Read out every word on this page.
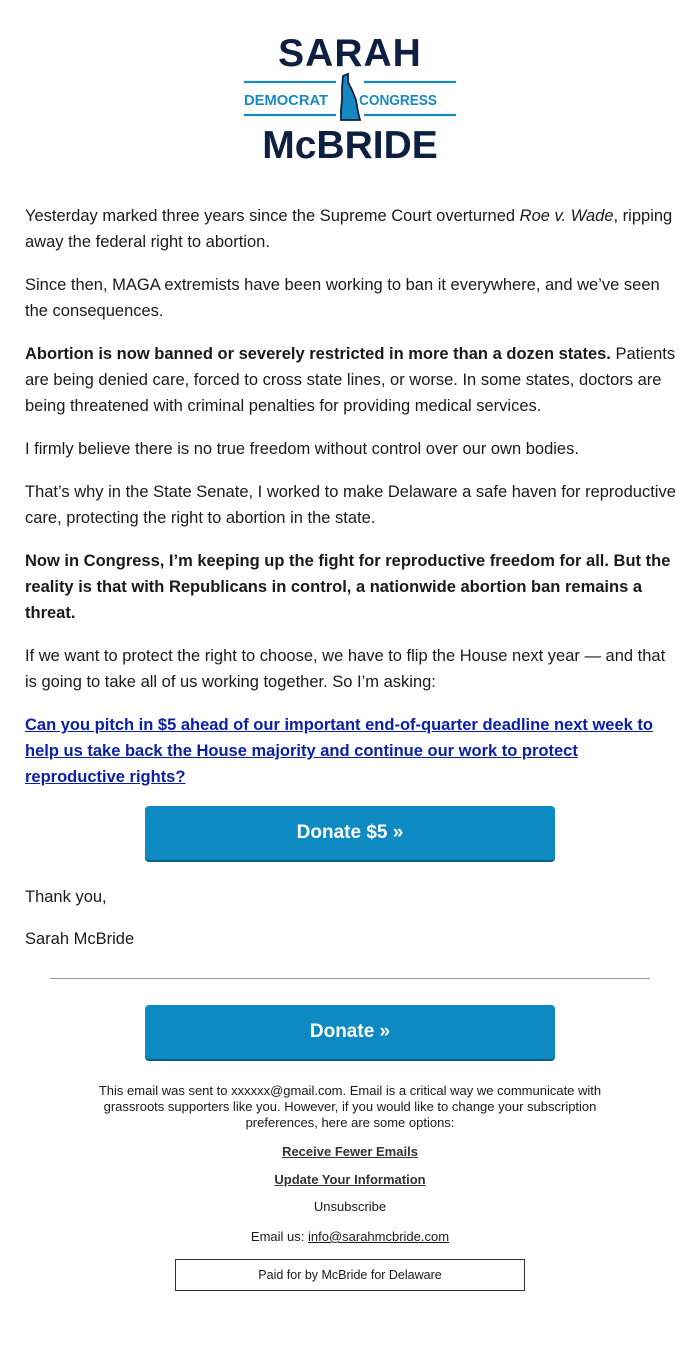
SARAH
DEMOCRAT CONGRESS
McBRIDE

Yesterday marked three years since the Supreme Court overturned Roe v. Wade, ripping away the federal right to abortion.

Since then, MAGA extremists have been working to ban it everywhere, and we’ve seen the consequences.

Abortion is now banned or severely restricted in more than a dozen states. Patients are being denied care, forced to cross state lines, or worse. In some states, doctors are being threatened with criminal penalties for providing medical services.

I firmly believe there is no true freedom without control over our own bodies.

That’s why in the State Senate, I worked to make Delaware a safe haven for reproductive care, protecting the right to abortion in the state.

Now in Congress, I’m keeping up the fight for reproductive freedom for all. But the reality is that with Republicans in control, a nationwide abortion ban remains a threat.

If we want to protect the right to choose, we have to flip the House next year — and that is going to take all of us working together. So I’m asking:

Can you pitch in $5 ahead of our important end-of-quarter deadline next week to help us take back the House majority and continue our work to protect reproductive rights?

Donate $5 »
Thank you,
Sarah McBride
Donate »
This email was sent to xxxxxx@gmail.com. Email is a critical way we communicate with grassroots supporters like you. However, if you would like to change your subscription preferences, here are some options:
Receive Fewer Emails
Update Your Information
Unsubscribe
Email us: info@sarahmcbride.com
Paid for by McBride for Delaware
